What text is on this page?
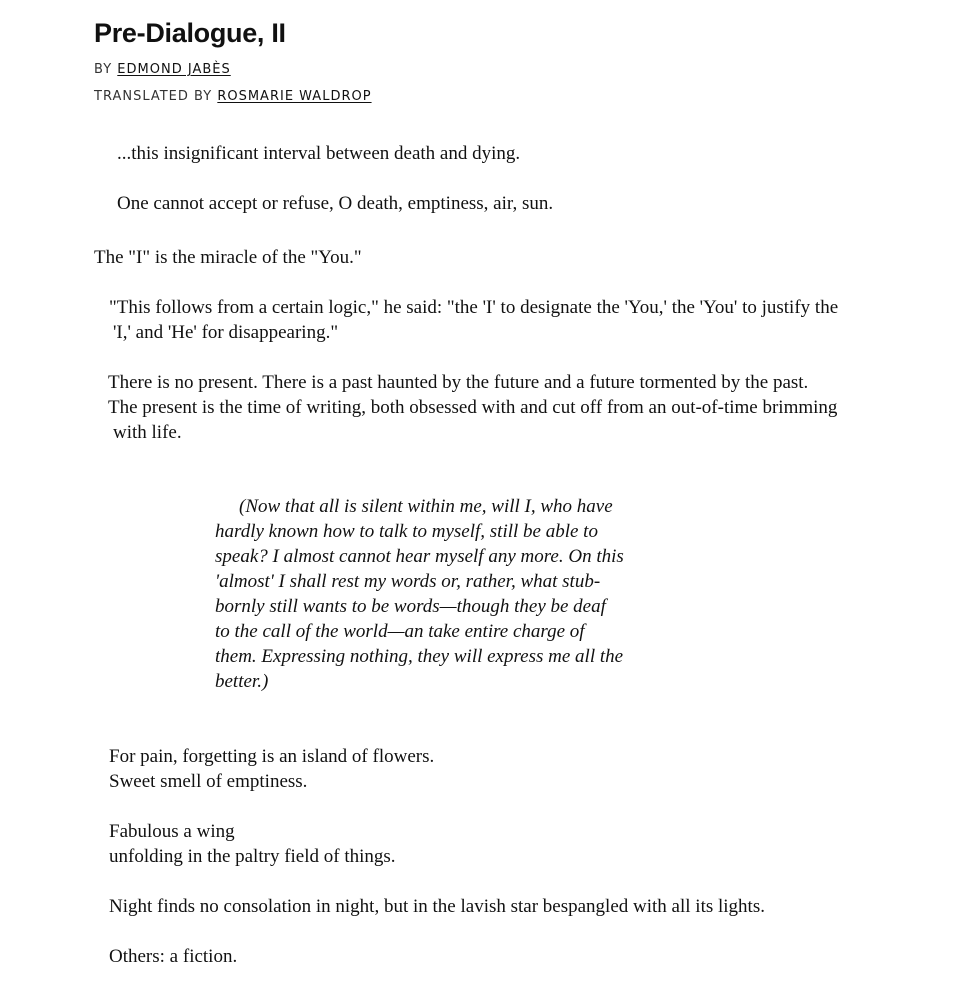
Pre-Dialogue, II
BY EDMOND JABÈS
TRANSLATED BY ROSMARIE WALDROP

...this insignificant interval between death and dying.

One cannot accept or refuse, O death, emptiness, air, sun.

The "I" is the miracle of the "You."

"This follows from a certain logic," he said: "the 'I' to designate the 'You,' the 'You' to justify the

'I,' and 'He' for disappearing."

There is no present. There is a past haunted by the future and a future tormented by the past.

The present is the time of writing, both obsessed with and cut off from an out-of-time brimming

with life.

(Now that all is silent within me, will I, who have

hardly known how to talk to myself, still be able to

speak? I almost cannot hear myself any more. On this

'almost' I shall rest my words or, rather, what stub-

bornly still wants to be words—though they be deaf

to the call of the world—an take entire charge of

them. Expressing nothing, they will express me all the

better.)

For pain, forgetting is an island of flowers.

Sweet smell of emptiness.

Fabulous a wing

unfolding in the paltry field of things.

Night finds no consolation in night, but in the lavish star bespangled with all its lights.

Others: a fiction.
